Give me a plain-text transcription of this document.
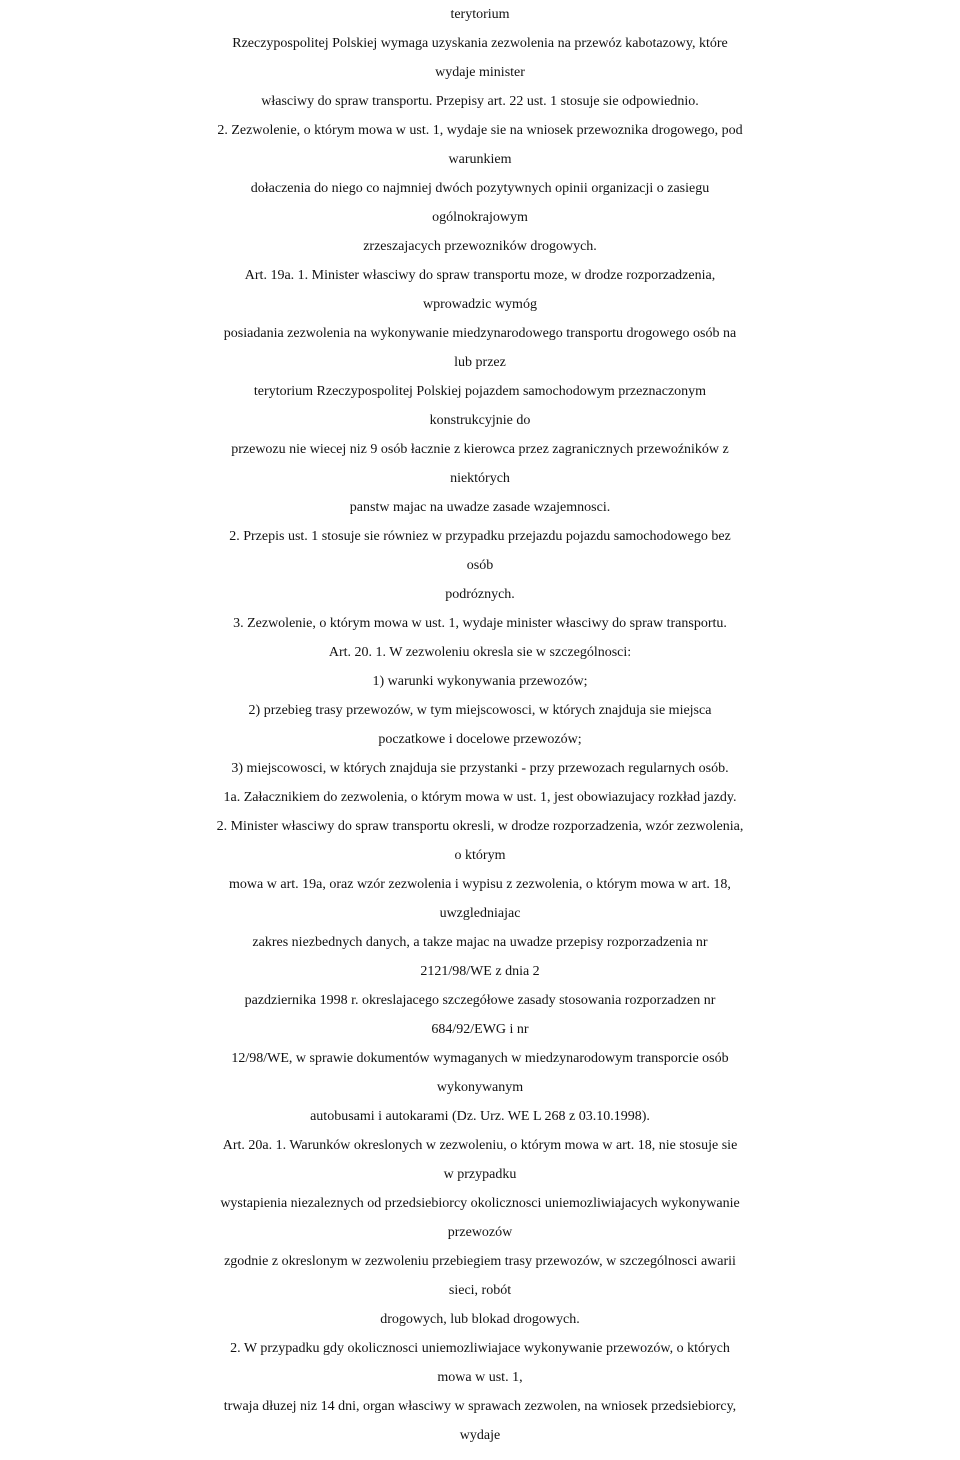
terytorium
Rzeczypospolitej Polskiej wymaga uzyskania zezwolenia na przewóz kabotazowy, które
wydaje minister
własciwy do spraw transportu. Przepisy art. 22 ust. 1 stosuje sie odpowiednio.
2. Zezwolenie, o którym mowa w ust. 1, wydaje sie na wniosek przewoznika drogowego, pod
warunkiem
dołaczenia do niego co najmniej dwóch pozytywnych opinii organizacji o zasiegu
ogólnokrajowym
zrzeszajacych przewozników drogowych.
Art. 19a. 1. Minister własciwy do spraw transportu moze, w drodze rozporzadzenia,
wprowadzic wymóg
posiadania zezwolenia na wykonywanie miedzynarodowego transportu drogowego osób na
lub przez
terytorium Rzeczypospolitej Polskiej pojazdem samochodowym przeznaczonym
konstrukcyjnie do
przewozu nie wiecej niz 9 osób łacznie z kierowca przez zagranicznych przewoźników z
niektórych
panstw majac na uwadze zasade wzajemnosci.
2. Przepis ust. 1 stosuje sie równiez w przypadku przejazdu pojazdu samochodowego bez
osób
podróznych.
3. Zezwolenie, o którym mowa w ust. 1, wydaje minister własciwy do spraw transportu.
Art. 20. 1. W zezwoleniu okresla sie w szczególnosci:
1) warunki wykonywania przewozów;
2) przebieg trasy przewozów, w tym miejscowosci, w których znajduja sie miejsca
poczatkowe i docelowe przewozów;
3) miejscowosci, w których znajduja sie przystanki - przy przewozach regularnych osób.
1a. Załacznikiem do zezwolenia, o którym mowa w ust. 1, jest obowiazujacy rozkład jazdy.
2. Minister własciwy do spraw transportu okresli, w drodze rozporzadzenia, wzór zezwolenia,
o którym
mowa w art. 19a, oraz wzór zezwolenia i wypisu z zezwolenia, o którym mowa w art. 18,
uwzgledniajac
zakres niezbednych danych, a takze majac na uwadze przepisy rozporzadzenia nr
2121/98/WE z dnia 2
pazdziernika 1998 r. okreslajacego szczegółowe zasady stosowania rozporzadzen nr
684/92/EWG i nr
12/98/WE, w sprawie dokumentów wymaganych w miedzynarodowym transporcie osób
wykonywanym
autobusami i autokarami (Dz. Urz. WE L 268 z 03.10.1998).
Art. 20a. 1. Warunków okreslonych w zezwoleniu, o którym mowa w art. 18, nie stosuje sie
w przypadku
wystapienia niezaleznych od przedsiebiorcy okolicznosci uniemozliwiajacych wykonywanie
przewozów
zgodnie z okreslonym w zezwoleniu przebiegiem trasy przewozów, w szczególnosci awarii
sieci, robót
drogowych, lub blokad drogowych.
2. W przypadku gdy okolicznosci uniemozliwiajace wykonywanie przewozów, o których
mowa w ust. 1,
trwaja dłuzej niz 14 dni, organ własciwy w sprawach zezwolen, na wniosek przedsiebiorcy,
wydaje
